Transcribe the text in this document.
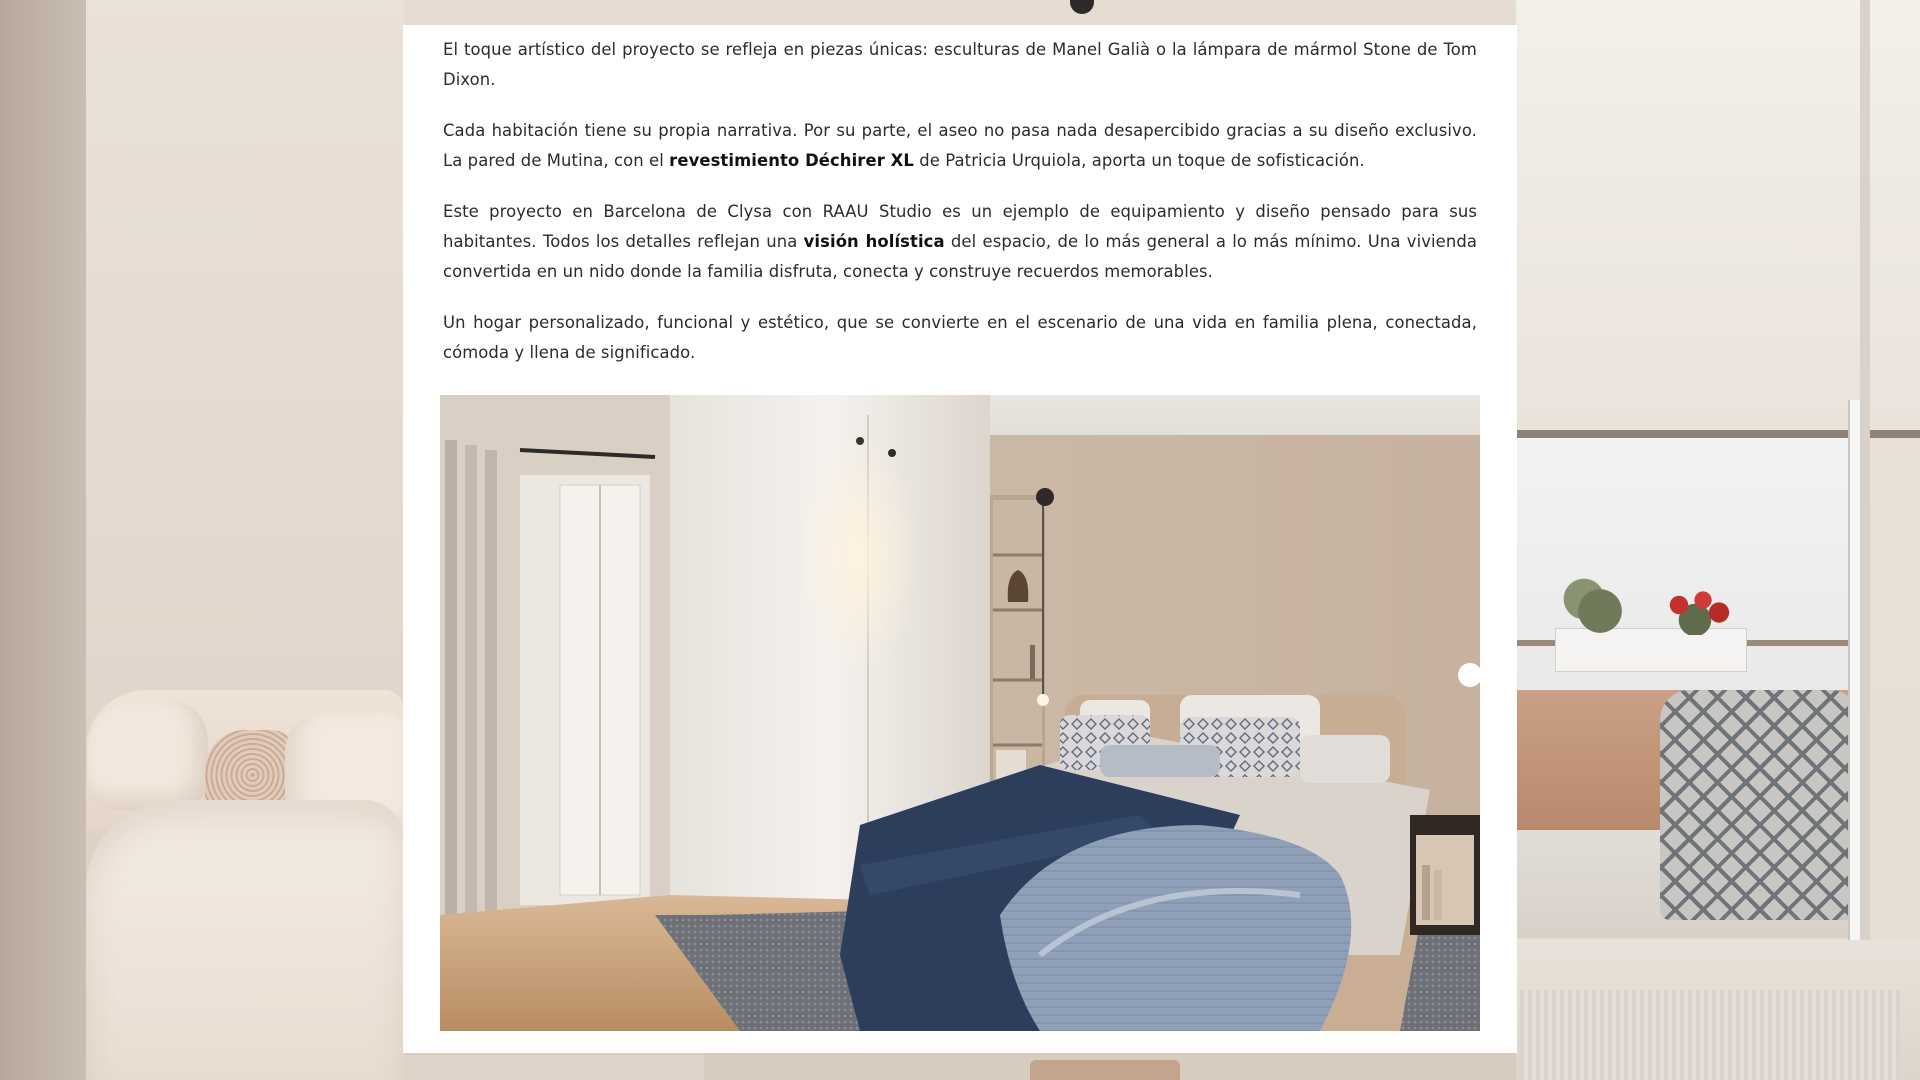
El toque artístico del proyecto se refleja en piezas únicas: esculturas de Manel Galià o la lámpara de mármol Stone de Tom Dixon.

Cada habitación tiene su propia narrativa. Por su parte, el aseo no pasa nada desapercibido gracias a su diseño exclusivo. La pared de Mutina, con el revestimiento Déchirer XL de Patricia Urquiola, aporta un toque de sofisticación.

Este proyecto en Barcelona de Clysa con RAAU Studio es un ejemplo de equipamiento y diseño pensado para sus habitantes. Todos los detalles reflejan una visión holística del espacio, de lo más general a lo más mínimo. Una vivienda convertida en un nido donde la familia disfruta, conecta y construye recuerdos memorables.

Un hogar personalizado, funcional y estético, que se convierte en el escenario de una vida en familia plena, conectada, cómoda y llena de significado.
